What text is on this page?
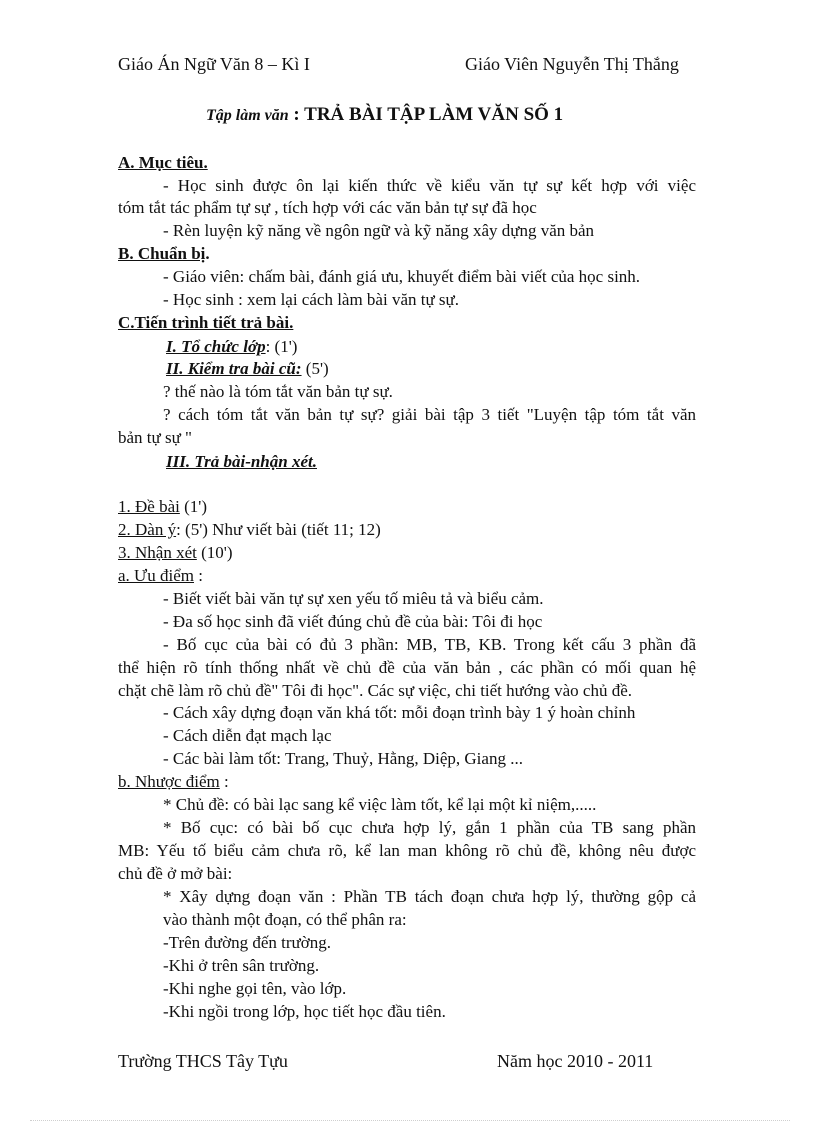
Giáo Án Ngữ Văn 8 – Kì I	Giáo Viên Nguyễn Thị Thắng
Tập làm văn : TRẢ BÀI TẬP LÀM VĂN SỐ 1
A. Mục tiêu.
- Học sinh được ôn lại kiến thức về kiểu văn tự sự kết hợp với việc
tóm tắt tác phẩm tự sự , tích hợp với các văn bản tự sự đã học
- Rèn luyện kỹ năng về ngôn ngữ và kỹ năng xây dựng văn bản
B. Chuẩn bị.
- Giáo viên: chấm bài, đánh giá ưu, khuyết điểm bài viết của học sinh.
- Học sinh : xem lại cách làm bài văn tự sự.
C.Tiến trình tiết trả bài.
I. Tổ chức lớp: (1')
II. Kiểm tra bài cũ: (5')
? thế nào là tóm tắt văn bản tự sự.
? cách tóm tắt văn bản tự sự? giải bài tập 3 tiết "Luyện tập tóm tắt văn
bản tự sự "
III. Trả bài-nhận xét.
1. Đề bài (1')
2. Dàn ý: (5') Như viết bài (tiết 11; 12)
3. Nhận xét (10')
a. Ưu điểm :
- Biết viết bài văn tự sự xen yếu tố miêu tả và biểu cảm.
- Đa số học sinh đã viết đúng chủ đề của bài: Tôi đi học
- Bố cục của bài có đủ 3 phần: MB, TB, KB. Trong kết cấu 3 phần đã
thể hiện rõ tính thống nhất về chủ đề của văn bản , các phần có mối quan hệ
chặt chẽ làm rõ chủ đề" Tôi đi học". Các sự việc, chi tiết hướng vào chủ đề.
- Cách xây dựng đoạn văn khá tốt: mỗi đoạn trình bày 1 ý hoàn chỉnh
- Cách diễn đạt mạch lạc
- Các bài làm tốt: Trang, Thuỷ, Hằng, Diệp, Giang ...
b. Nhược điểm :
* Chủ đề: có bài lạc sang kể việc làm tốt, kể lại một kỉ niệm,.....
* Bố cục: có bài bố cục chưa hợp lý, gắn 1 phần của TB sang phần
MB: Yếu tố biểu cảm chưa rõ, kể lan man không rõ chủ đề, không nêu được
chủ đề ở mở bài:
* Xây dựng đoạn văn : Phần TB tách đoạn chưa hợp lý, thường gộp cả
vào thành một đoạn, có thể phân ra:
-Trên đường đến trường.
-Khi ở trên sân trường.
-Khi nghe gọi tên, vào lớp.
-Khi ngồi trong lớp, học tiết học đầu tiên.
Trường THCS Tây Tựu	Năm học 2010 - 2011
